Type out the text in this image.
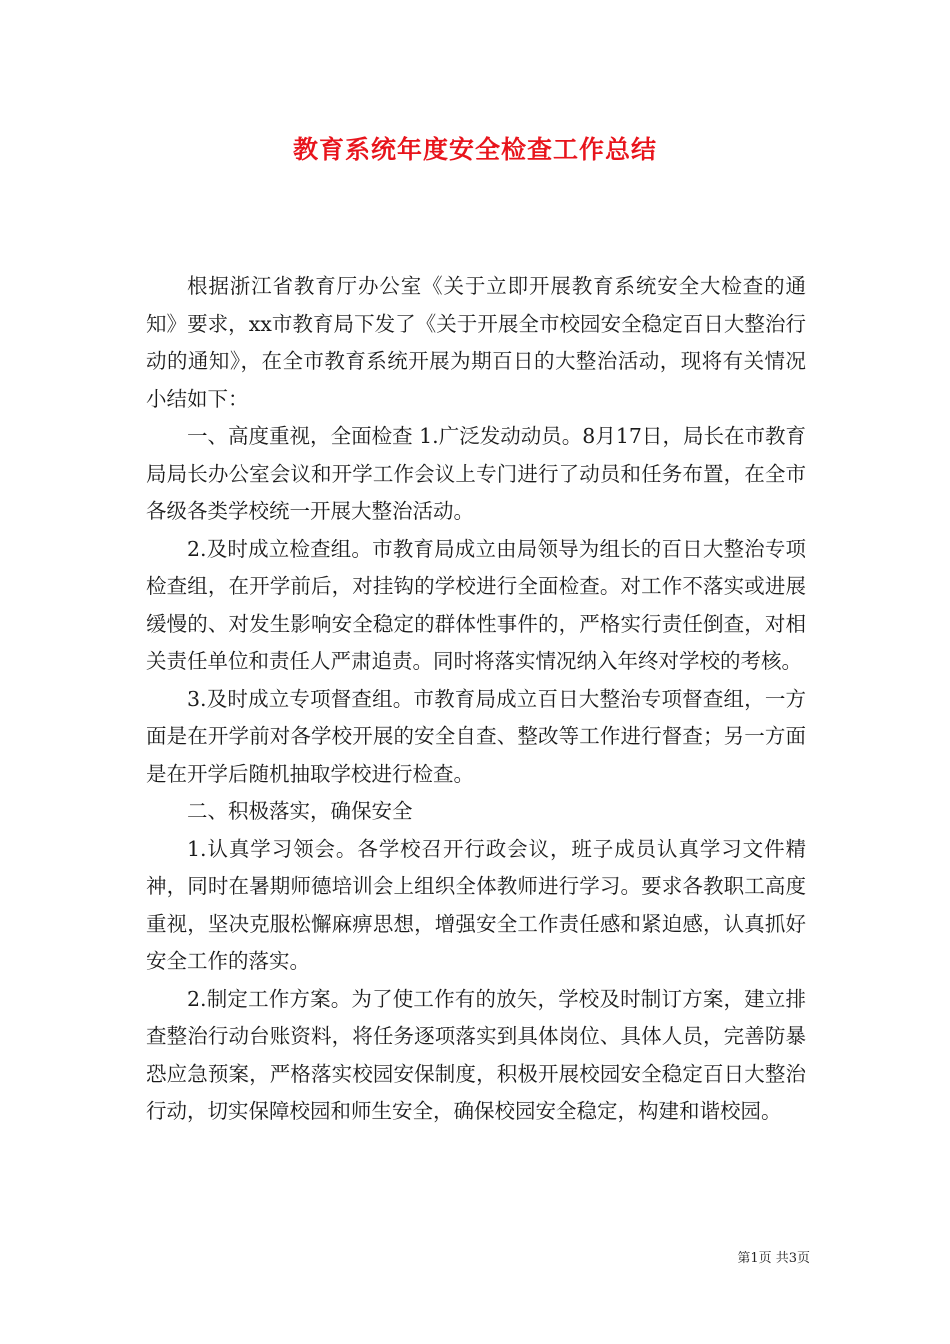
教育系统年度安全检查工作总结

根据浙江省教育厅办公室《关于立即开展教育系统安全大检查的通知》要求，xx市教育局下发了《关于开展全市校园安全稳定百日大整治行动的通知》，在全市教育系统开展为期百日的大整治活动，现将有关情况小结如下：

一、高度重视，全面检查 1.广泛发动动员。8月17日，局长在市教育局局长办公室会议和开学工作会议上专门进行了动员和任务布置，在全市各级各类学校统一开展大整治活动。

2.及时成立检查组。市教育局成立由局领导为组长的百日大整治专项检查组，在开学前后，对挂钩的学校进行全面检查。对工作不落实或进展缓慢的、对发生影响安全稳定的群体性事件的，严格实行责任倒查，对相关责任单位和责任人严肃追责。同时将落实情况纳入年终对学校的考核。

3.及时成立专项督查组。市教育局成立百日大整治专项督查组，一方面是在开学前对各学校开展的安全自查、整改等工作进行督查；另一方面是在开学后随机抽取学校进行检查。

二、积极落实，确保安全

1.认真学习领会。各学校召开行政会议，班子成员认真学习文件精神，同时在暑期师德培训会上组织全体教师进行学习。要求各教职工高度重视，坚决克服松懈麻痹思想，增强安全工作责任感和紧迫感，认真抓好安全工作的落实。

2.制定工作方案。为了使工作有的放矢，学校及时制订方案，建立排查整治行动台账资料，将任务逐项落实到具体岗位、具体人员，完善防暴恐应急预案，严格落实校园安保制度，积极开展校园安全稳定百日大整治行动，切实保障校园和师生安全，确保校园安全稳定，构建和谐校园。

第1页 共3页
